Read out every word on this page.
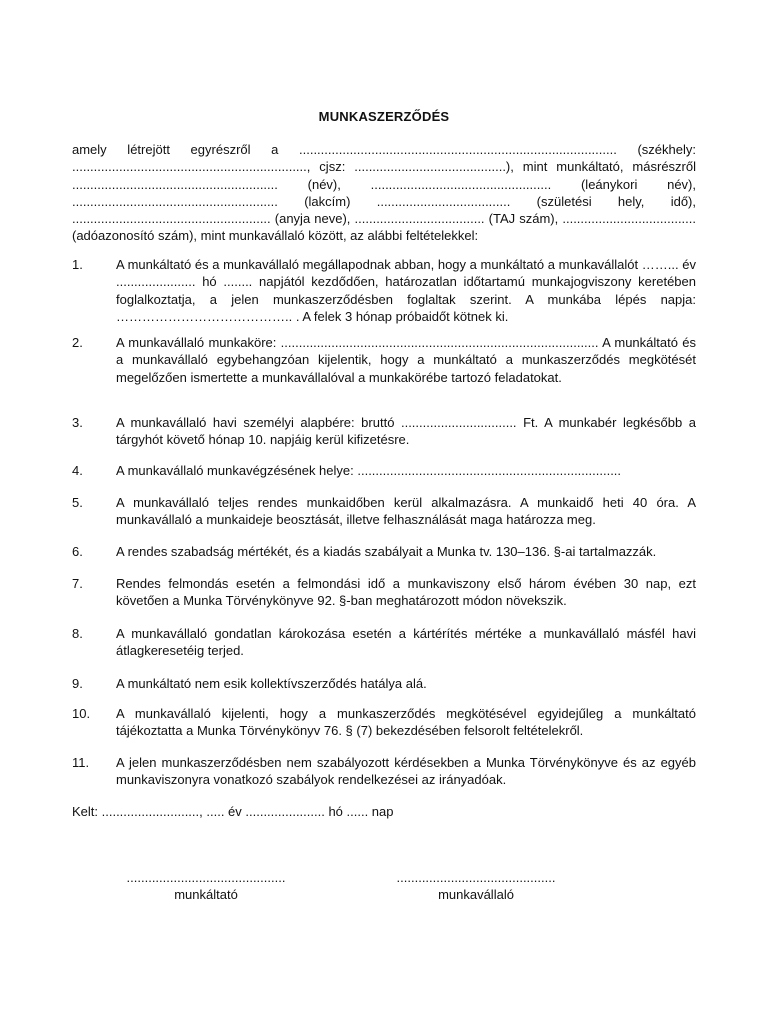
MUNKASZERZŐDÉS
amely létrejött egyrészről a ........................................................................................ (székhely: ................................................................., cjsz: ..........................................), mint munkáltató, másrészről ......................................................... (név), .................................................. (leánykori név), ......................................................... (lakcím) ..................................... (születési hely, idő), ....................................................... (anyja neve), .................................... (TAJ szám), ..................................... (adóazonosító szám), mint munkavállaló között, az alábbi feltételekkel:
1.	A munkáltató és a munkavállaló megállapodnak abban, hogy a munkáltató a munkavállalót ……... év ...................... hó ........ napjától kezdődően, határozatlan időtartamú munkajogviszony keretében foglalkoztatja, a jelen munkaszerződésben foglaltak szerint. A munkába lépés napja: ………………………………….. . A felek 3 hónap próbaidőt kötnek ki.
2.	A munkavállaló munkaköre: ........................................................................................ A munkáltató és a munkavállaló egybehangzóan kijelentik, hogy a munkáltató a munkaszerződés megkötését megelőzően ismertette a munkavállalóval a munkakörébe tartozó feladatokat.
3.	A munkavállaló havi személyi alapbére: bruttó ................................ Ft. A munkabér legkésőbb a tárgyhót követő hónap 10. napjáig kerül kifizetésre.
4.	A munkavállaló munkavégzésének helye: .........................................................................
5.	A munkavállaló teljes rendes munkaidőben kerül alkalmazásra. A munkaidő heti 40 óra. A munkavállaló a munkaideje beosztását, illetve felhasználását maga határozza meg.
6.	A rendes szabadság mértékét, és a kiadás szabályait a Munka tv. 130–136. §-ai tartalmazzák.
7.	Rendes felmondás esetén a felmondási idő a munkaviszony első három évében 30 nap, ezt követően a Munka Törvénykönyve 92. §-ban meghatározott módon növekszik.
8.	A munkavállaló gondatlan károkozása esetén a kártérítés mértéke a munkavállaló másfél havi átlagkeresetéig terjed.
9.	A munkáltató nem esik kollektívszerződés hatálya alá.
10.	A munkavállaló kijelenti, hogy a munkaszerződés megkötésével egyidejűleg a munkáltató tájékoztatta a Munka Törvénykönyv 76. § (7) bekezdésében felsorolt feltételekről.
11.	A jelen munkaszerződésben nem szabályozott kérdésekben a Munka Törvénykönyve és az egyéb munkaviszonyra vonatkozó szabályok rendelkezései az irányadóak.
Kelt: ..........................., ..... év ...................... hó ...... nap
............................................
munkáltató
............................................
munkavállaló
